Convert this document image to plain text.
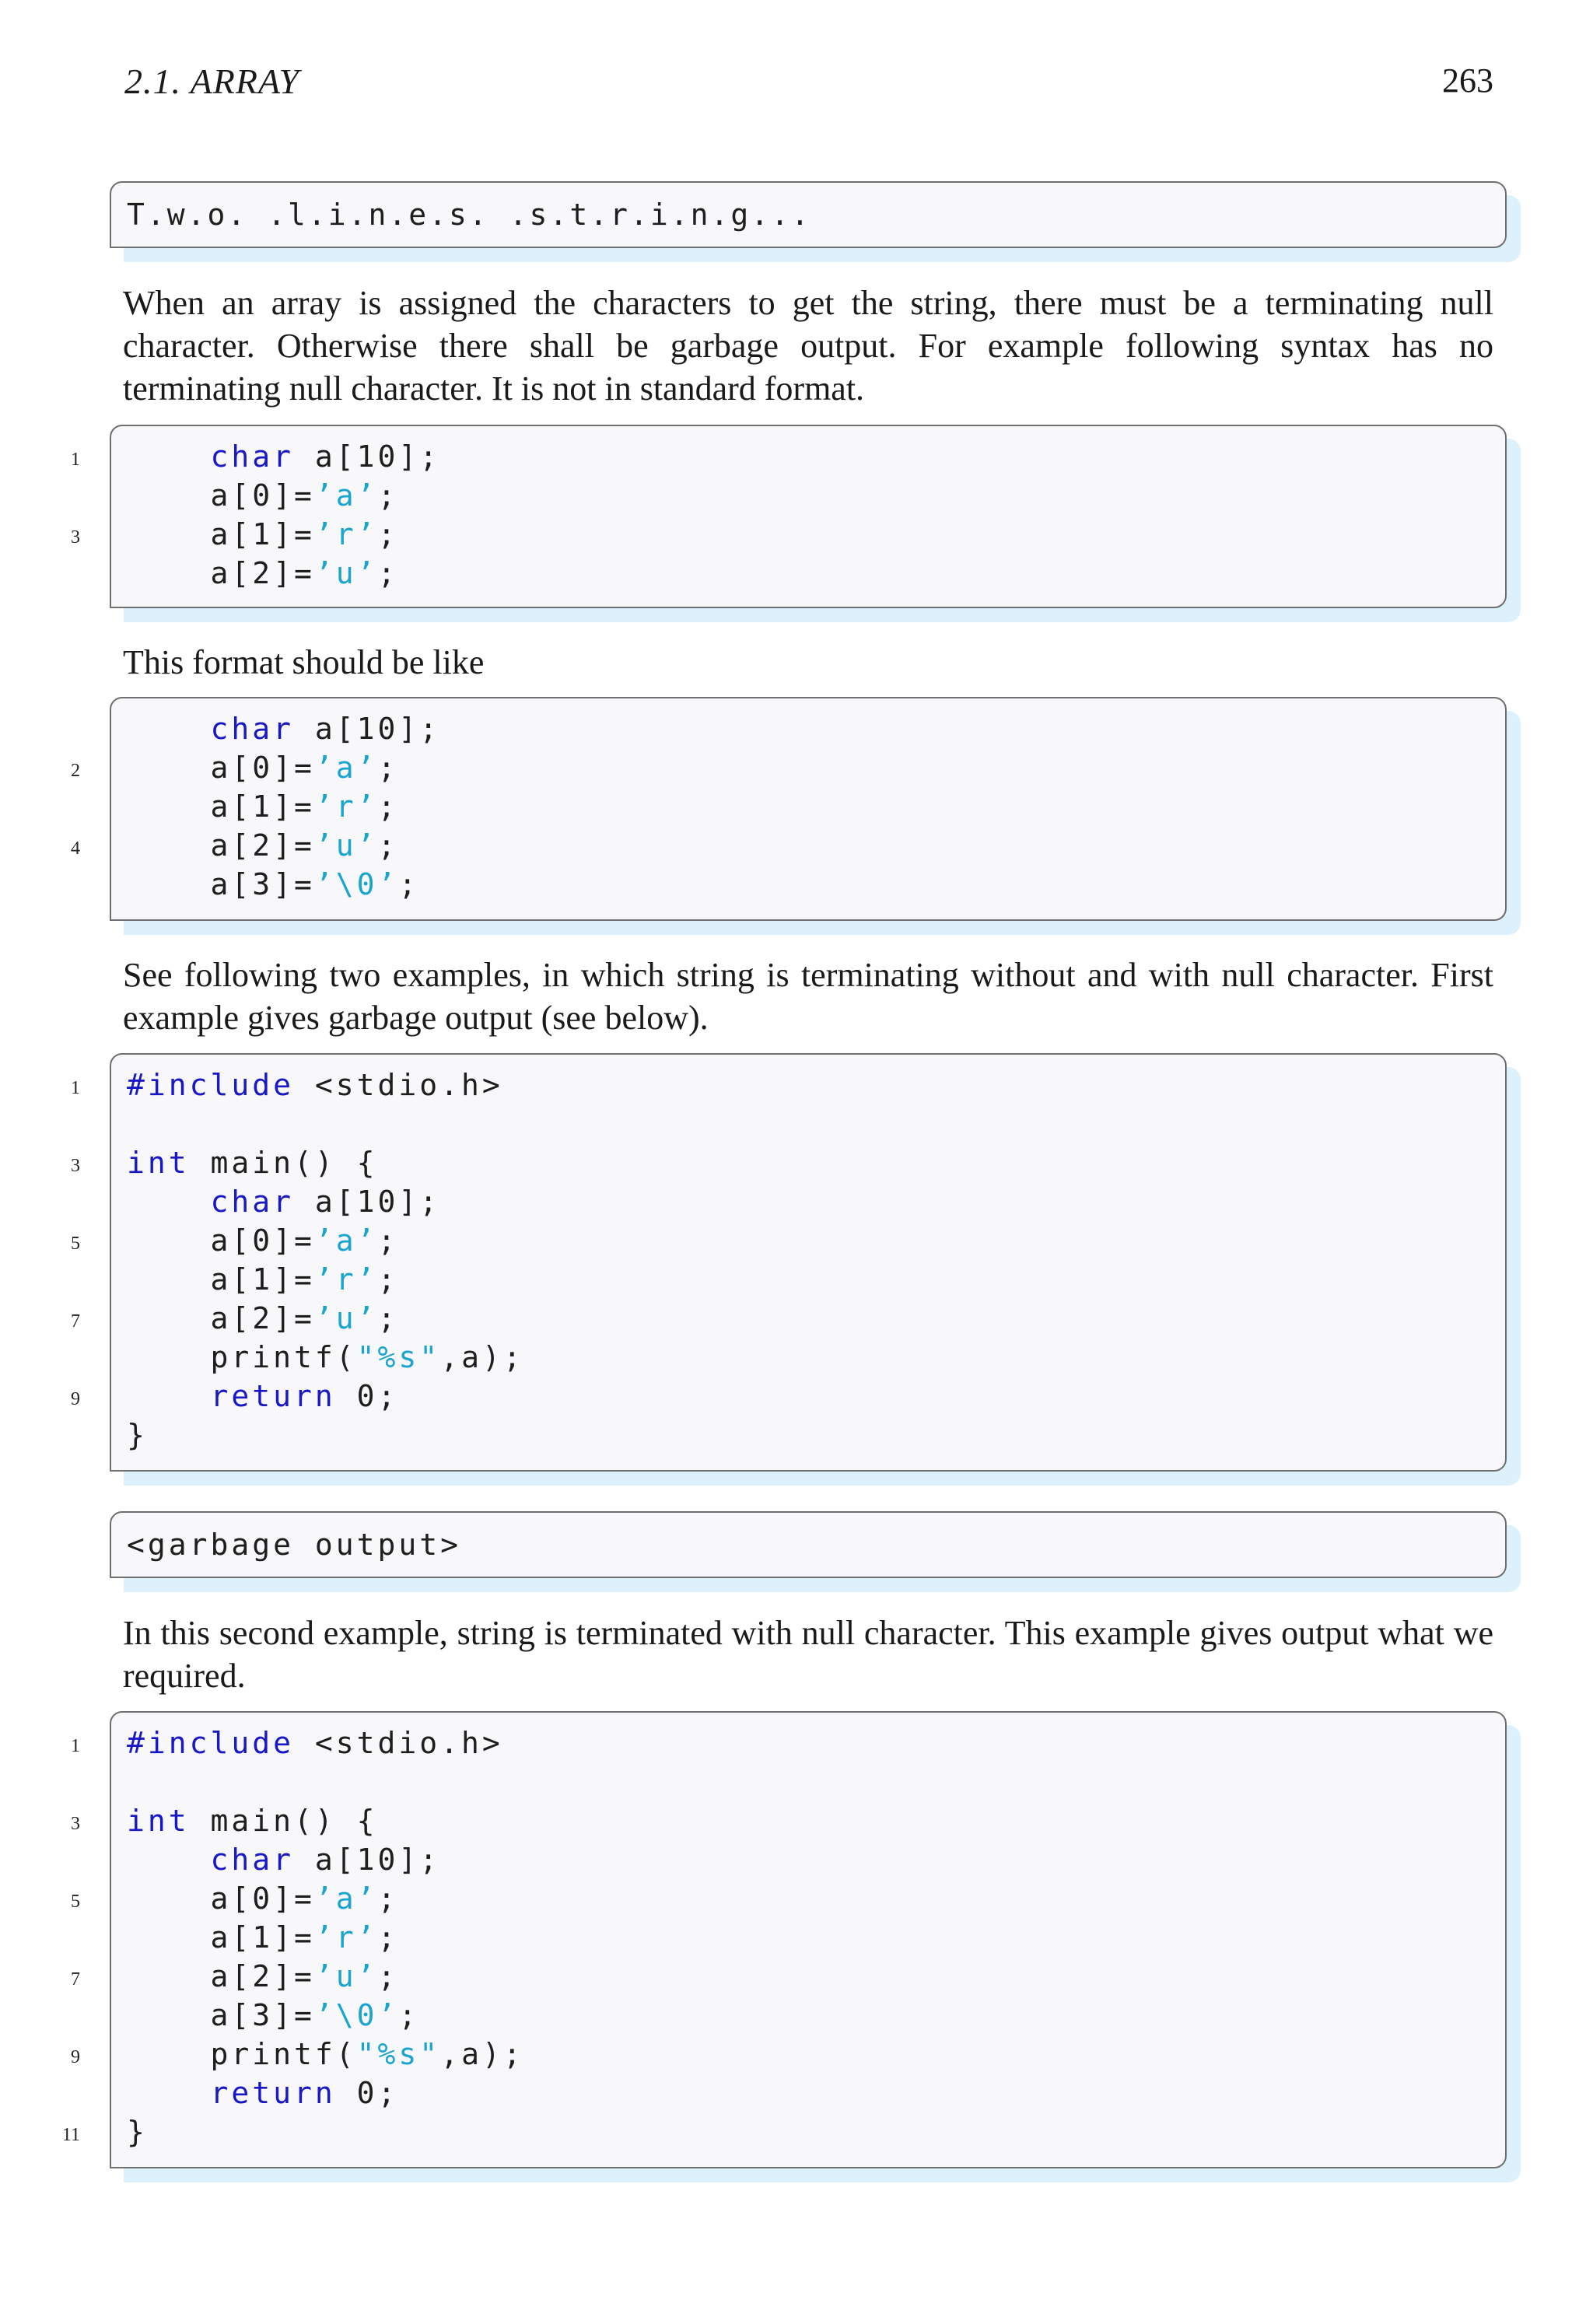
2.1. ARRAY	263
T.w.o. .l.i.n.e.s. .s.t.r.i.n.g...

When an array is assigned the characters to get the string, there must be a terminating null character. Otherwise there shall be garbage output. For example following syntax has no terminating null character. It is not in standard format.

1
3
char a[10];
a[0]=’a’;
a[1]=’r’;
a[2]=’u’;

This format should be like

2
4
char a[10];
a[0]=’a’;
a[1]=’r’;
a[2]=’u’;
a[3]=’\0’;

See following two examples, in which string is terminating without and with null character. First example gives garbage output (see below).

1
3
5
7
9
#include <stdio.h>
int main() {
char a[10];
a[0]=’a’;
a[1]=’r’;
a[2]=’u’;
printf("%s",a);
return 0;
}
<garbage output>

In this second example, string is terminated with null character. This example gives output what we required.

1
3
5
7
9
11
#include <stdio.h>
int main() {
char a[10];
a[0]=’a’;
a[1]=’r’;
a[2]=’u’;
a[3]=’\0’;
printf("%s",a);
return 0;
}
